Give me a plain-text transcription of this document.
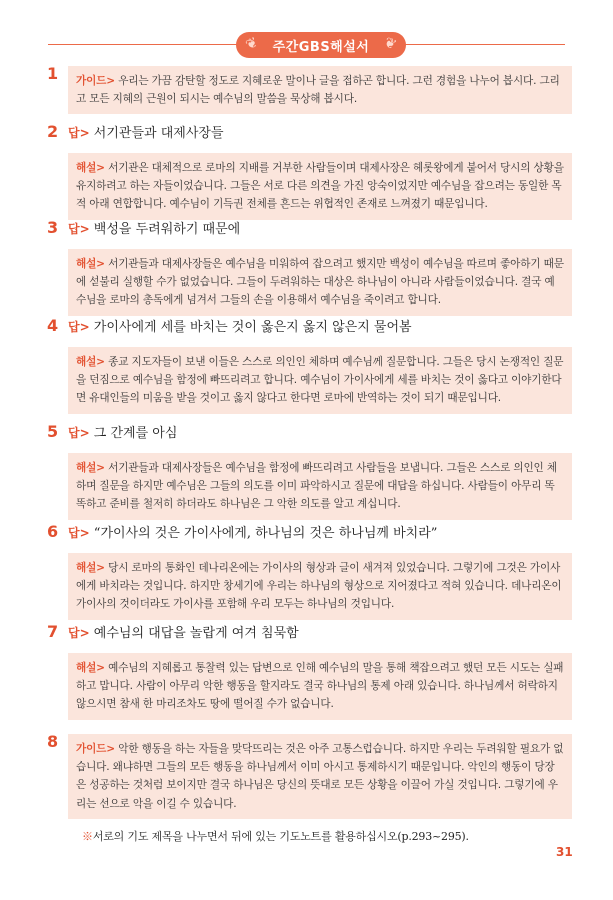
❦ 주간GBS해설서 ❦
1	가이드> 우리는 가끔 감탄할 정도로 지혜로운 말이나 글을 접하곤 합니다. 그런 경험을 나누어 봅시다. 그리고 모든 지혜의 근원이 되시는 예수님의 말씀을 묵상해 봅시다.
2 답> 서기관들과 대제사장들
해설> 서기관은 대체적으로 로마의 지배를 거부한 사람들이며 대제사장은 헤롯왕에게 붙어서 당시의 상황을 유지하려고 하는 자들이었습니다. 그들은 서로 다른 의견을 가진 앙숙이었지만 예수님을 잡으려는 동일한 목적 아래 연합합니다. 예수님이 기득권 전체를 흔드는 위협적인 존재로 느껴졌기 때문입니다.
3 답> 백성을 두려워하기 때문에
해설> 서기관들과 대제사장들은 예수님을 미워하여 잡으려고 했지만 백성이 예수님을 따르며 좋아하기 때문에 섣불리 실행할 수가 없었습니다. 그들이 두려워하는 대상은 하나님이 아니라 사람들이었습니다. 결국 예수님을 로마의 총독에게 넘겨서 그들의 손을 이용해서 예수님을 죽이려고 합니다.
4 답> 가이사에게 세를 바치는 것이 옳은지 옳지 않은지 물어봄
해설> 종교 지도자들이 보낸 이들은 스스로 의인인 체하며 예수님께 질문합니다. 그들은 당시 논쟁적인 질문을 던짐으로 예수님을 함정에 빠뜨리려고 합니다. 예수님이 가이사에게 세를 바치는 것이 옳다고 이야기한다면 유대인들의 미움을 받을 것이고 옳지 않다고 한다면 로마에 반역하는 것이 되기 때문입니다.
5 답> 그 간계를 아심
해설> 서기관들과 대제사장들은 예수님을 함정에 빠뜨리려고 사람들을 보냅니다. 그들은 스스로 의인인 체하며 질문을 하지만 예수님은 그들의 의도를 이미 파악하시고 질문에 대답을 하십니다. 사람들이 아무리 똑똑하고 준비를 철저히 하더라도 하나님은 그 악한 의도를 알고 계십니다.
6 답> “가이사의 것은 가이사에게, 하나님의 것은 하나님께 바치라”
해설> 당시 로마의 통화인 데나리온에는 가이사의 형상과 글이 새겨져 있었습니다. 그렇기에 그것은 가이사에게 바치라는 것입니다. 하지만 창세기에 우리는 하나님의 형상으로 지어졌다고 적혀 있습니다. 데나리온이 가이사의 것이더라도 가이사를 포함해 우리 모두는 하나님의 것입니다.
7 답> 예수님의 대답을 놀랍게 여겨 침묵함
해설> 예수님의 지혜롭고 통찰력 있는 답변으로 인해 예수님의 말을 통해 책잡으려고 했던 모든 시도는 실패하고 맙니다. 사람이 아무리 악한 행동을 할지라도 결국 하나님의 통제 아래 있습니다. 하나님께서 허락하지 않으시면 참새 한 마리조차도 땅에 떨어질 수가 없습니다.
8	가이드> 악한 행동을 하는 자들을 맞닥뜨리는 것은 아주 고통스럽습니다. 하지만 우리는 두려워할 필요가 없습니다. 왜냐하면 그들의 모든 행동을 하나님께서 이미 아시고 통제하시기 때문입니다. 악인의 행동이 당장은 성공하는 것처럼 보이지만 결국 하나님은 당신의 뜻대로 모든 상황을 이끌어 가실 것입니다. 그렇기에 우리는 선으로 악을 이길 수 있습니다.
※서로의 기도 제목을 나누면서 뒤에 있는 기도노트를 활용하십시오(p.293~295).
31
